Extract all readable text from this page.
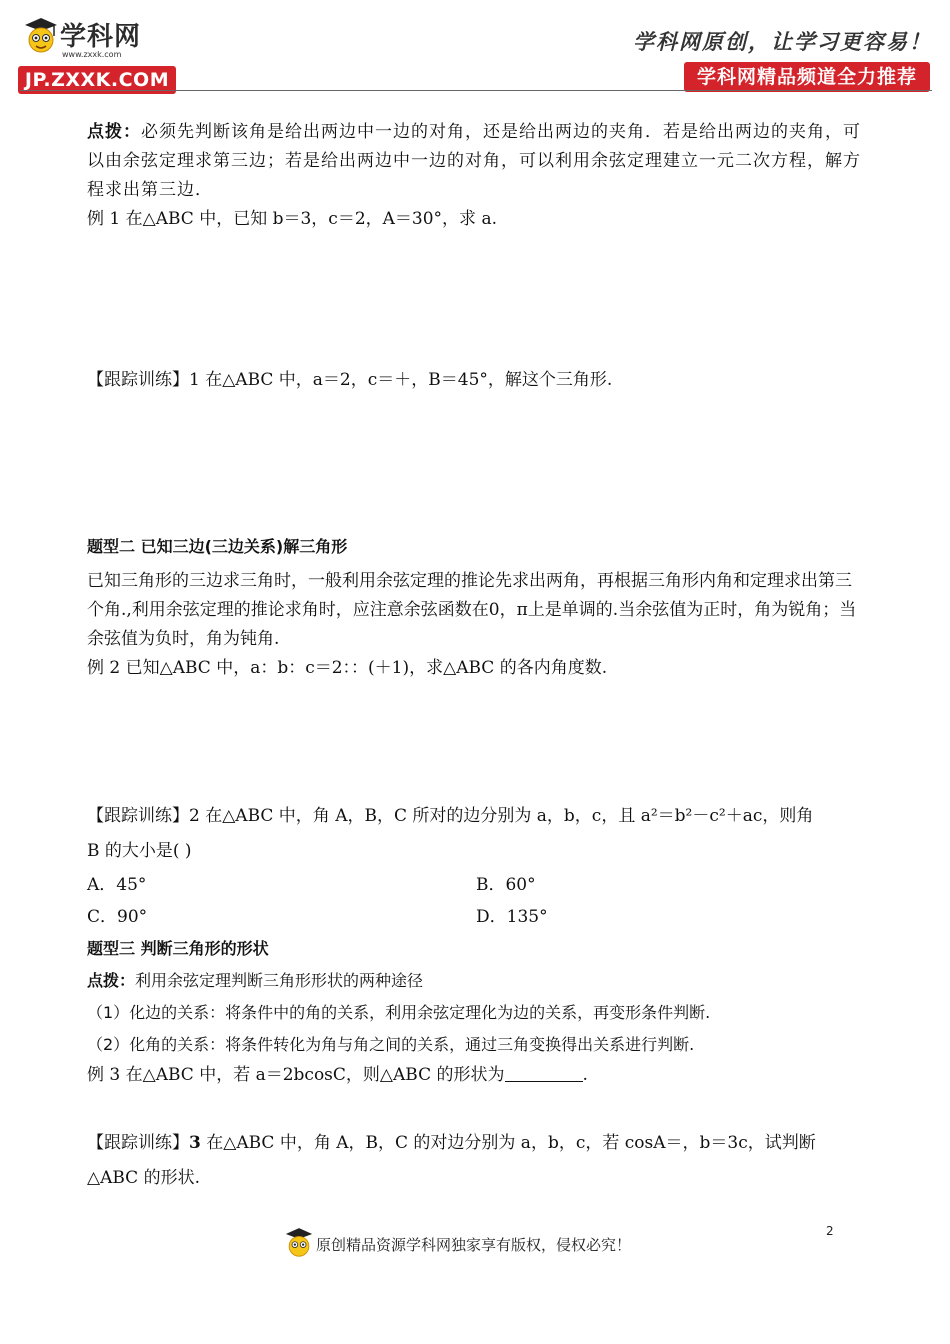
学科网
www.zxxk.com
JP.ZXXK.COM
学科网原创，让学习更容易！
学科网精品频道全力推荐

点拨：必须先判断该角是给出两边中一边的对角，还是给出两边的夹角．若是给出两边的夹角，可以由余弦定理求第三边；若是给出两边中一边的对角，可以利用余弦定理建立一元二次方程，解方程求出第三边．

例 1 在△ABC 中，已知 b＝3，c＝2，A＝30°，求 a.

【跟踪训练】1 在△ABC 中，a＝2，c＝＋，B＝45°，解这个三角形.

题型二 已知三边(三边关系)解三角形

已知三角形的三边求三角时，一般利用余弦定理的推论先求出两角，再根据三角形内角和定理求出第三个角.,利用余弦定理的推论求角时，应注意余弦函数在0，π上是单调的.当余弦值为正时，角为锐角；当余弦值为负时，角为钝角.

例 2 已知△ABC 中，a：b：c＝2：：(＋1)，求△ABC 的各内角度数.

【跟踪训练】2 在△ABC 中，角 A，B，C 所对的边分别为 a，b，c，且 a²＝b²－c²＋ac，则角

B 的大小是( )

A．45°	B．60°
C．90°	D．135°

题型三 判断三角形的形状

点拨：利用余弦定理判断三角形形状的两种途径

（1）化边的关系：将条件中的角的关系，利用余弦定理化为边的关系，再变形条件判断.

（2）化角的关系：将条件转化为角与角之间的关系，通过三角变换得出关系进行判断.

例 3 在△ABC 中，若 a＝2bcosC，则△ABC 的形状为	.

【跟踪训练】3 在△ABC 中，角 A，B，C 的对边分别为 a，b，c，若 cosA＝，b＝3c，试判断

△ABC 的形状.

原创精品资源学科网独家享有版权，侵权必究！
2
